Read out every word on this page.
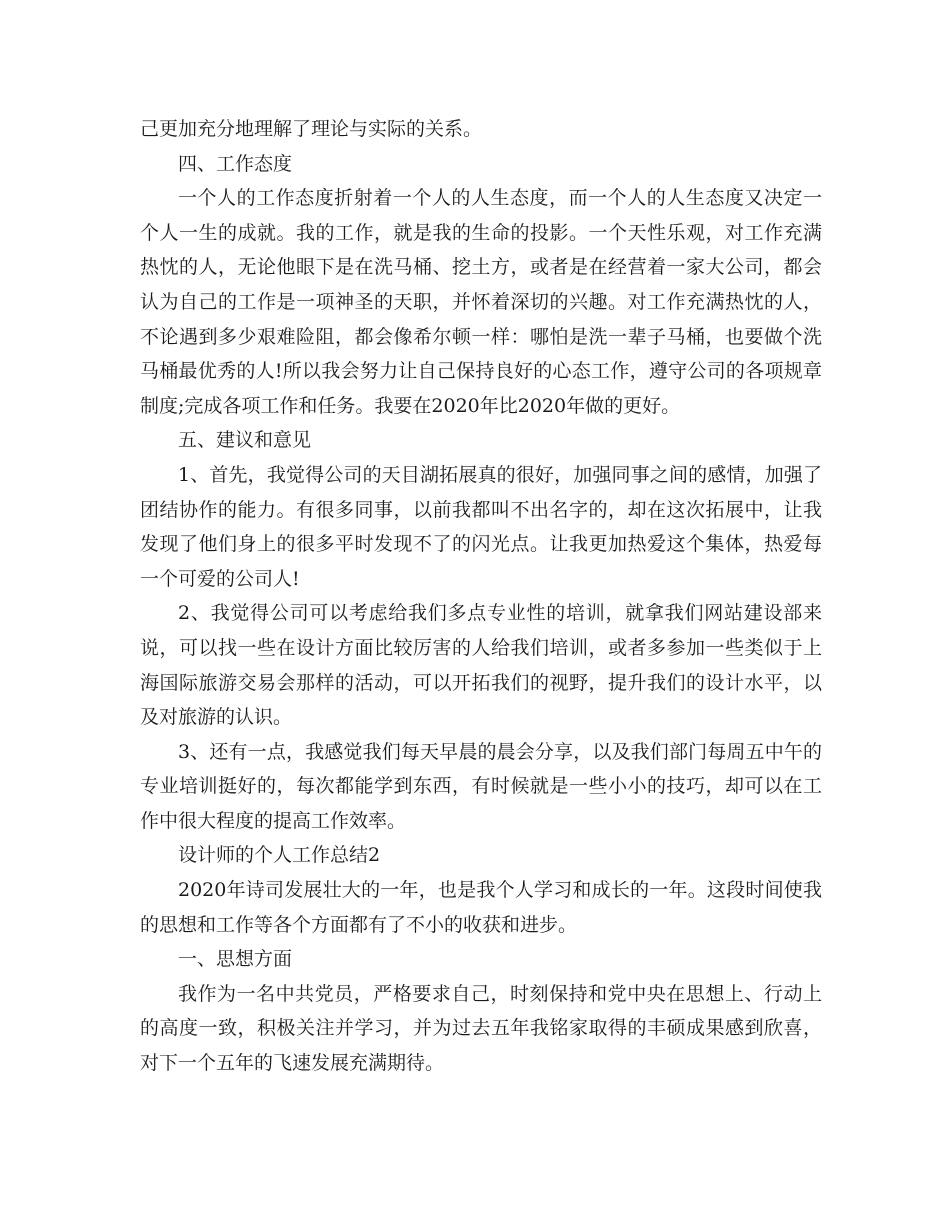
己更加充分地理解了理论与实际的关系。

四、工作态度

一个人的工作态度折射着一个人的人生态度，而一个人的人生态度又决定一个人一生的成就。我的工作，就是我的生命的投影。一个天性乐观，对工作充满热忱的人，无论他眼下是在洗马桶、挖土方，或者是在经营着一家大公司，都会认为自己的工作是一项神圣的天职，并怀着深切的兴趣。对工作充满热忱的人，不论遇到多少艰难险阻，都会像希尔顿一样：哪怕是洗一辈子马桶，也要做个洗马桶最优秀的人!所以我会努力让自己保持良好的心态工作，遵守公司的各项规章制度;完成各项工作和任务。我要在2020年比2020年做的更好。

五、建议和意见

1、首先，我觉得公司的天目湖拓展真的很好，加强同事之间的感情，加强了团结协作的能力。有很多同事，以前我都叫不出名字的，却在这次拓展中，让我发现了他们身上的很多平时发现不了的闪光点。让我更加热爱这个集体，热爱每一个可爱的公司人!

2、我觉得公司可以考虑给我们多点专业性的培训，就拿我们网站建设部来说，可以找一些在设计方面比较厉害的人给我们培训，或者多参加一些类似于上海国际旅游交易会那样的活动，可以开拓我们的视野，提升我们的设计水平，以及对旅游的认识。

3、还有一点，我感觉我们每天早晨的晨会分享，以及我们部门每周五中午的专业培训挺好的，每次都能学到东西，有时候就是一些小小的技巧，却可以在工作中很大程度的提高工作效率。

设计师的个人工作总结2

2020年诗司发展壮大的一年，也是我个人学习和成长的一年。这段时间使我的思想和工作等各个方面都有了不小的收获和进步。

一、思想方面

我作为一名中共党员，严格要求自己，时刻保持和党中央在思想上、行动上的高度一致，积极关注并学习，并为过去五年我铭家取得的丰硕成果感到欣喜，对下一个五年的飞速发展充满期待。
